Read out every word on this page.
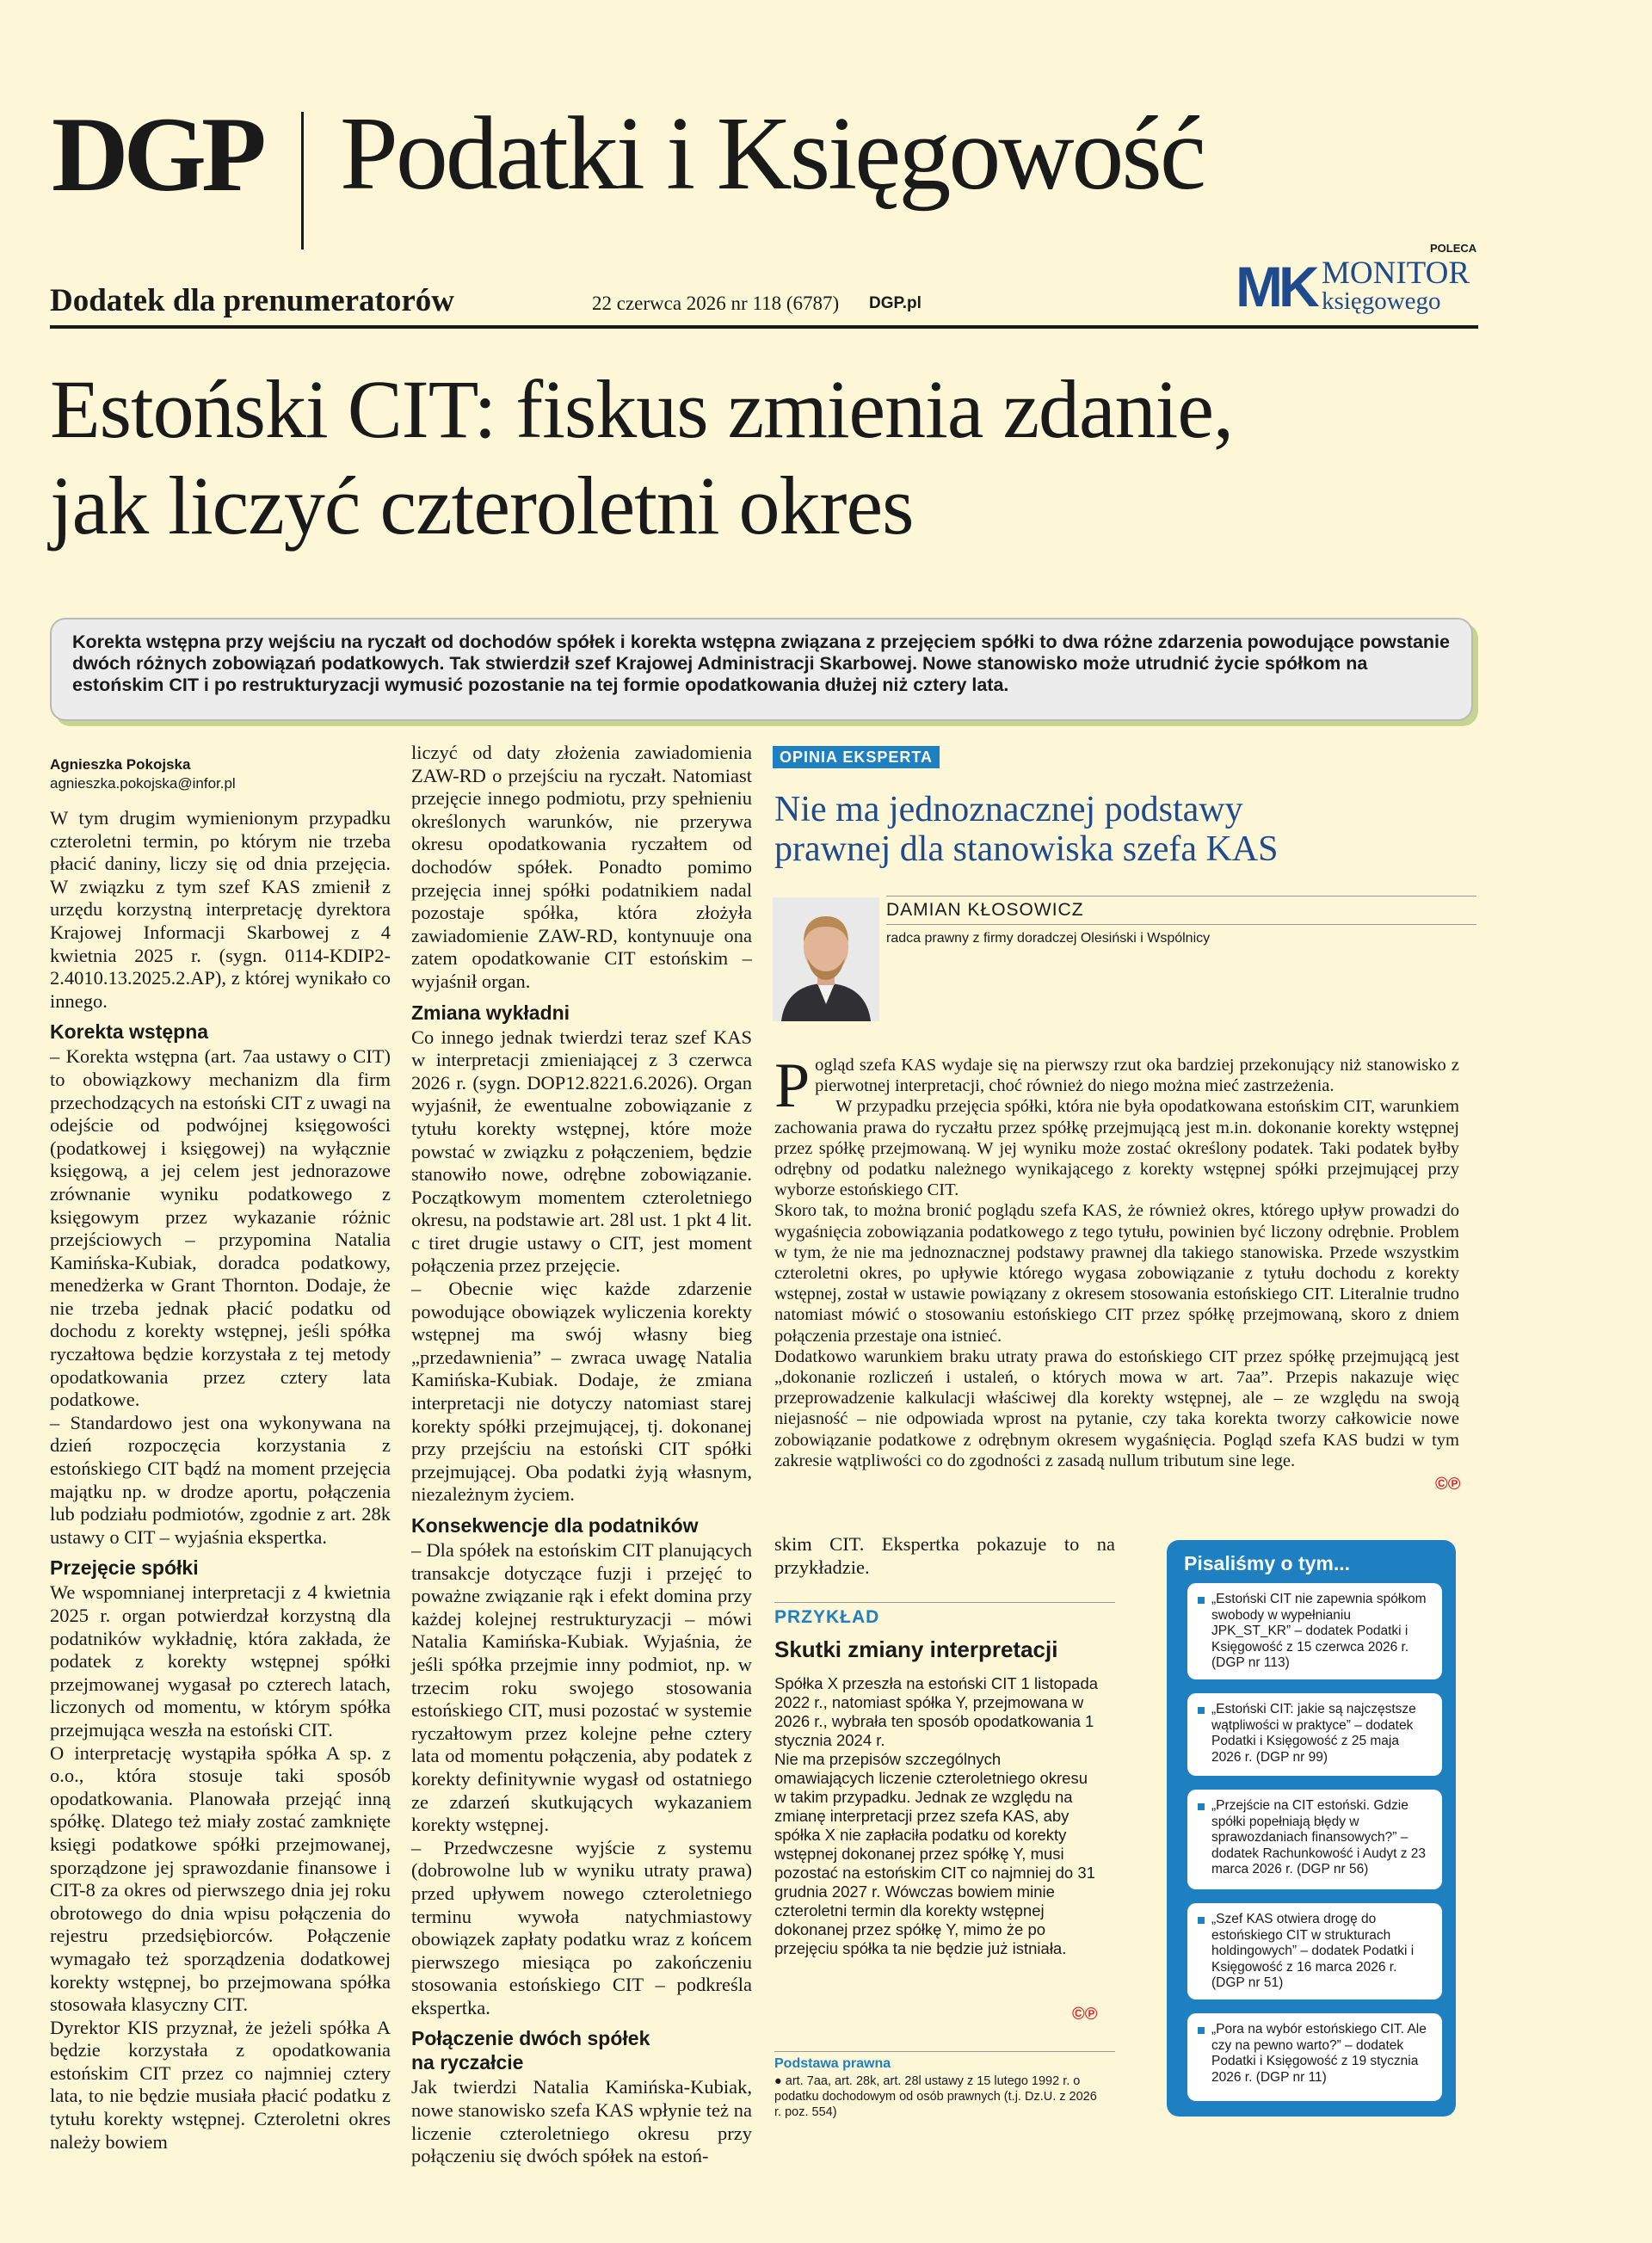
DGP Podatki i Księgowość
Dodatek dla prenumeratorów	22 czerwca 2026 nr 118 (6787) DGP.pl
POLECA
MK MONITOR
księgowego
Estoński CIT: fiskus zmienia zdanie,
jak liczyć czteroletni okres
Korekta wstępna przy wejściu na ryczałt od dochodów spółek i korekta wstępna związana z przejęciem spółki to dwa różne zdarzenia powodujące powstanie dwóch różnych zobowiązań podatkowych. Tak stwierdził szef Krajowej Administracji Skarbowej. Nowe stanowisko może utrudnić życie spółkom na estońskim CIT i po restrukturyzacji wymusić pozostanie na tej formie opodatkowania dłużej niż cztery lata.
Agnieszka Pokojska
agnieszka.pokojska@infor.pl

W tym drugim wymienionym przypadku czteroletni termin, po którym nie trzeba płacić daniny, liczy się od dnia przejęcia. W związku z tym szef KAS zmienił z urzędu korzystną interpretację dyrektora Krajowej Informacji Skarbowej z 4 kwietnia 2025 r. (sygn. 0114-KDIP2-2.4010.13.2025.2.AP), z której wynikało co innego.

Korekta wstępna

– Korekta wstępna (art. 7aa ustawy o CIT) to obowiązkowy mechanizm dla firm przechodzących na estoński CIT z uwagi na odejście od podwójnej księgowości (podatkowej i księgowej) na wyłącznie księgową, a jej celem jest jednorazowe zrównanie wyniku podatkowego z księgowym przez wykazanie różnic przejściowych – przypomina Natalia Kamińska-Kubiak, doradca podatkowy, menedżerka w Grant Thornton. Dodaje, że nie trzeba jednak płacić podatku od dochodu z korekty wstępnej, jeśli spółka ryczałtowa będzie korzystała z tej metody opodatkowania przez cztery lata podatkowe.

– Standardowo jest ona wykonywana na dzień rozpoczęcia korzystania z estońskiego CIT bądź na moment przejęcia majątku np. w drodze aportu, połączenia lub podziału podmiotów, zgodnie z art. 28k ustawy o CIT – wyjaśnia ekspertka.

Przejęcie spółki

We wspomnianej interpretacji z 4 kwietnia 2025 r. organ potwierdzał korzystną dla podatników wykładnię, która zakłada, że podatek z korekty wstępnej spółki przejmowanej wygasał po czterech latach, liczonych od momentu, w którym spółka przejmująca weszła na estoński CIT.

O interpretację wystąpiła spółka A sp. z o.o., która stosuje taki sposób opodatkowania. Planowała przejąć inną spółkę. Dlatego też miały zostać zamknięte księgi podatkowe spółki przejmowanej, sporządzone jej sprawozdanie finansowe i CIT-8 za okres od pierwszego dnia jej roku obrotowego do dnia wpisu połączenia do rejestru przedsiębiorców. Połączenie wymagało też sporządzenia dodatkowej korekty wstępnej, bo przejmowana spółka stosowała klasyczny CIT.

Dyrektor KIS przyznał, że jeżeli spółka A będzie korzystała z opodatkowania estońskim CIT przez co najmniej cztery lata, to nie będzie musiała płacić podatku z tytułu korekty wstępnej. Czteroletni okres należy bowiem

liczyć od daty złożenia zawiadomienia ZAW-RD o przejściu na ryczałt. Natomiast przejęcie innego podmiotu, przy spełnieniu określonych warunków, nie przerywa okresu opodatkowania ryczałtem od dochodów spółek. Ponadto pomimo przejęcia innej spółki podatnikiem nadal pozostaje spółka, która złożyła zawiadomienie ZAW-RD, kontynuuje ona zatem opodatkowanie CIT estońskim – wyjaśnił organ.

Zmiana wykładni

Co innego jednak twierdzi teraz szef KAS w interpretacji zmieniającej z 3 czerwca 2026 r. (sygn. DOP12.8221.6.2026). Organ wyjaśnił, że ewentualne zobowiązanie z tytułu korekty wstępnej, które może powstać w związku z połączeniem, będzie stanowiło nowe, odrębne zobowiązanie. Początkowym momentem czteroletniego okresu, na podstawie art. 28l ust. 1 pkt 4 lit. c tiret drugie ustawy o CIT, jest moment połączenia przez przejęcie.

– Obecnie więc każde zdarzenie powodujące obowiązek wyliczenia korekty wstępnej ma swój własny bieg „przedawnienia” – zwraca uwagę Natalia Kamińska-Kubiak. Dodaje, że zmiana interpretacji nie dotyczy natomiast starej korekty spółki przejmującej, tj. dokonanej przy przejściu na estoński CIT spółki przejmującej. Oba podatki żyją własnym, niezależnym życiem.

Konsekwencje dla podatników

– Dla spółek na estońskim CIT planujących transakcje dotyczące fuzji i przejęć to poważne związanie rąk i efekt domina przy każdej kolejnej restrukturyzacji – mówi Natalia Kamińska-Kubiak. Wyjaśnia, że jeśli spółka przejmie inny podmiot, np. w trzecim roku swojego stosowania estońskiego CIT, musi pozostać w systemie ryczałtowym przez kolejne pełne cztery lata od momentu połączenia, aby podatek z korekty definitywnie wygasł od ostatniego ze zdarzeń skutkujących wykazaniem korekty wstępnej.

– Przedwczesne wyjście z systemu (dobrowolne lub w wyniku utraty prawa) przed upływem nowego czteroletniego terminu wywoła natychmiastowy obowiązek zapłaty podatku wraz z końcem pierwszego miesiąca po zakończeniu stosowania estońskiego CIT – podkreśla ekspertka.

Połączenie dwóch spółek
na ryczałcie

Jak twierdzi Natalia Kamińska-Kubiak, nowe stanowisko szefa KAS wpłynie też na liczenie czteroletniego okresu przy połączeniu się dwóch spółek na estoń-

OPINIA EKSPERTA
Nie ma jednoznacznej podstawy
prawnej dla stanowiska szefa KAS
DAMIAN KŁOSOWICZ
radca prawny z firmy doradczej Olesiński i Wspólnicy
P ogląd szefa KAS wydaje się na pierwszy rzut oka bardziej przekonujący niż stanowisko z pierwotnej interpretacji, choć również do niego można mieć zastrzeżenia.

W przypadku przejęcia spółki, która nie była opodatkowana estońskim CIT, warunkiem zachowania prawa do ryczałtu przez spółkę przejmującą jest m.in. dokonanie korekty wstępnej przez spółkę przejmowaną. W jej wyniku może zostać określony podatek. Taki podatek byłby odrębny od podatku należnego wynikającego z korekty wstępnej spółki przejmującej przy wyborze estońskiego CIT.

Skoro tak, to można bronić poglądu szefa KAS, że również okres, którego upływ prowadzi do wygaśnięcia zobowiązania podatkowego z tego tytułu, powinien być liczony odrębnie. Problem w tym, że nie ma jednoznacznej podstawy prawnej dla takiego stanowiska. Przede wszystkim czteroletni okres, po upływie którego wygasa zobowiązanie z tytułu dochodu z korekty wstępnej, został w ustawie powiązany z okresem stosowania estońskiego CIT. Literalnie trudno natomiast mówić o stosowaniu estońskiego CIT przez spółkę przejmowaną, skoro z dniem połączenia przestaje ona istnieć.

Dodatkowo warunkiem braku utraty prawa do estońskiego CIT przez spółkę przejmującą jest „dokonanie rozliczeń i ustaleń, o których mowa w art. 7aa”. Przepis nakazuje więc przeprowadzenie kalkulacji właściwej dla korekty wstępnej, ale – ze względu na swoją niejasność – nie odpowiada wprost na pytanie, czy taka korekta tworzy całkowicie nowe zobowiązanie podatkowe z odrębnym okresem wygaśnięcia. Pogląd szefa KAS budzi w tym zakresie wątpliwości co do zgodności z zasadą nullum tributum sine lege.

©℗

skim CIT. Ekspertka pokazuje to na przykładzie.

PRZYKŁAD
Skutki zmiany interpretacji
Spółka X przeszła na estoński CIT 1 listopada 2022 r., natomiast spółka Y, przejmowana w 2026 r., wybrała ten sposób opodatkowania 1 stycznia 2024 r.
Nie ma przepisów szczególnych omawiających liczenie czteroletniego okresu w takim przypadku. Jednak ze względu na zmianę interpretacji przez szefa KAS, aby spółka X nie zapłaciła podatku od korekty wstępnej dokonanej przez spółkę Y, musi pozostać na estońskim CIT co najmniej do 31 grudnia 2027 r. Wówczas bowiem minie czteroletni termin dla korekty wstępnej dokonanej przez spółkę Y, mimo że po przejęciu spółka ta nie będzie już istniała.
©℗
Podstawa prawna
● art. 7aa, art. 28k, art. 28l ustawy z 15 lutego 1992 r. o podatku dochodowym od osób prawnych (t.j. Dz.U. z 2026 r. poz. 554)
Pisaliśmy o tym...
„Estoński CIT nie zapewnia spółkom swobody w wypełnianiu JPK_ST_KR” – dodatek Podatki i Księgowość z 15 czerwca 2026 r. (DGP nr 113)
„Estoński CIT: jakie są najczęstsze wątpliwości w praktyce” – dodatek Podatki i Księgowość z 25 maja 2026 r. (DGP nr 99)
„Przejście na CIT estoński. Gdzie spółki popełniają błędy w sprawozdaniach finansowych?” – dodatek Rachunkowość i Audyt z 23 marca 2026 r. (DGP nr 56)
„Szef KAS otwiera drogę do estońskiego CIT w strukturach holdingowych” – dodatek Podatki i Księgowość z 16 marca 2026 r. (DGP nr 51)
„Pora na wybór estońskiego CIT. Ale czy na pewno warto?” – dodatek Podatki i Księgowość z 19 stycznia 2026 r. (DGP nr 11)
